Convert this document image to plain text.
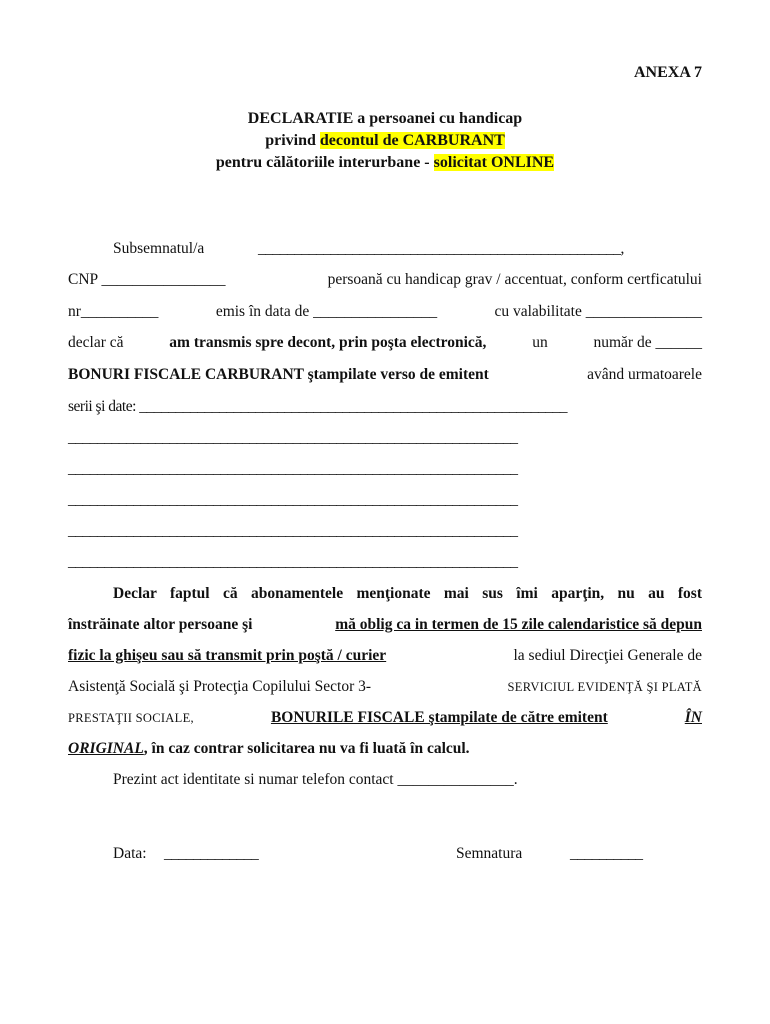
ANEXA 7
DECLARATIE a persoanei cu handicap
privind decontul de CARBURANT
pentru călătoriile interurbane - solicitat ONLINE
Subsemnatul/a	__________________________________________________,
CNP ________________	persoană cu handicap grav / accentuat, conform certficatului
nr__________	emis în data de ________________	cu valabilitate _______________
declar că	am transmis spre decont, prin poşta electronică,	un	număr de ______
BONURI FISCALE CARBURANT ştampilate verso de emitent	având urmatoarele
serii şi date: ___________________________________________________________
______________________________________________________________
______________________________________________________________
______________________________________________________________
______________________________________________________________
______________________________________________________________
Declar faptul că abonamentele menţionate mai sus îmi aparţin, nu au fost
înstrăinate altor persoane şi	mă oblig ca in termen de 15 zile calendaristice să depun
fizic la ghişeu sau să transmit prin poştă / curier	la sediul Direcţiei Generale de
Asistenţă Socială şi Protecţia Copilului Sector 3-	SERVICIUL EVIDENŢĂ ŞI PLATĂ
PRESTAŢII SOCIALE,	BONURILE FISCALE ştampilate de către emitent	ÎN
ORIGINAL, în caz contrar solicitarea nu va fi luată în calcul.
Prezint act identitate si numar telefon contact _______________.
Data: _____________	Semnatura	__________
